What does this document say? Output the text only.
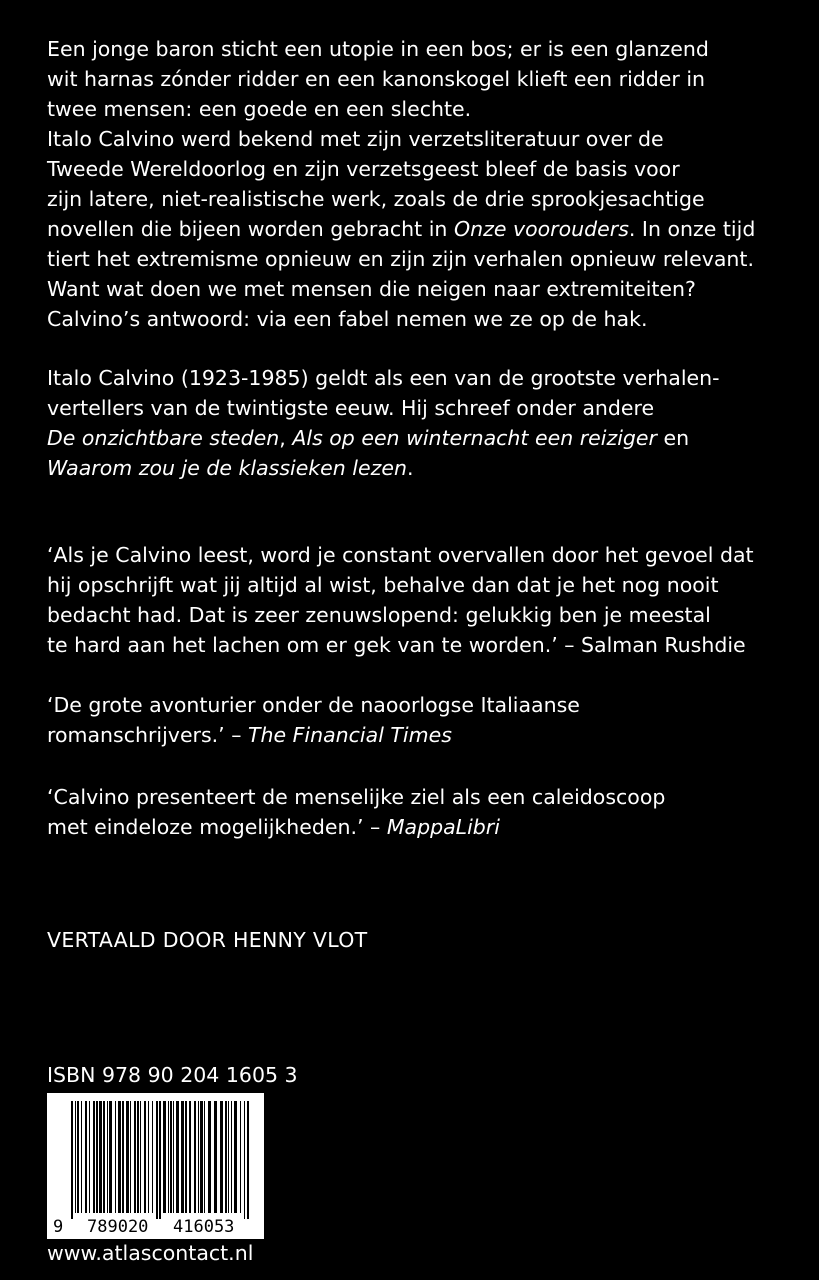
Een jonge baron sticht een utopie in een bos; er is een glanzend
wit harnas zónder ridder en een kanonskogel klieft een ridder in
twee mensen: een goede en een slechte.
Italo Calvino werd bekend met zijn verzetsliteratuur over de
Tweede Wereldoorlog en zijn verzetsgeest bleef de basis voor
zijn latere, niet-realistische werk, zoals de drie sprookjesachtige
novellen die bijeen worden gebracht in Onze voorouders. In onze tijd
tiert het extremisme opnieuw en zijn zijn verhalen opnieuw relevant.
Want wat doen we met mensen die neigen naar extremiteiten?
Calvino’s antwoord: via een fabel nemen we ze op de hak.

Italo Calvino (1923-1985) geldt als een van de grootste verhalen-
vertellers van de twintigste eeuw. Hij schreef onder andere
De onzichtbare steden, Als op een winternacht een reiziger en
Waarom zou je de klassieken lezen.

‘Als je Calvino leest, word je constant overvallen door het gevoel dat
hij opschrijft wat jij altijd al wist, behalve dan dat je het nog nooit
bedacht had. Dat is zeer zenuwslopend: gelukkig ben je meestal
te hard aan het lachen om er gek van te worden.’ – Salman Rushdie

‘De grote avonturier onder de naoorlogse Italiaanse
romanschrijvers.’ – The Financial Times

‘Calvino presenteert de menselijke ziel als een caleidoscoop
met eindeloze mogelijkheden.’ – MappaLibri

VERTAALD DOOR HENNY VLOT
ISBN 978 90 204 1605 3
9 789020 416053
www.atlascontact.nl
